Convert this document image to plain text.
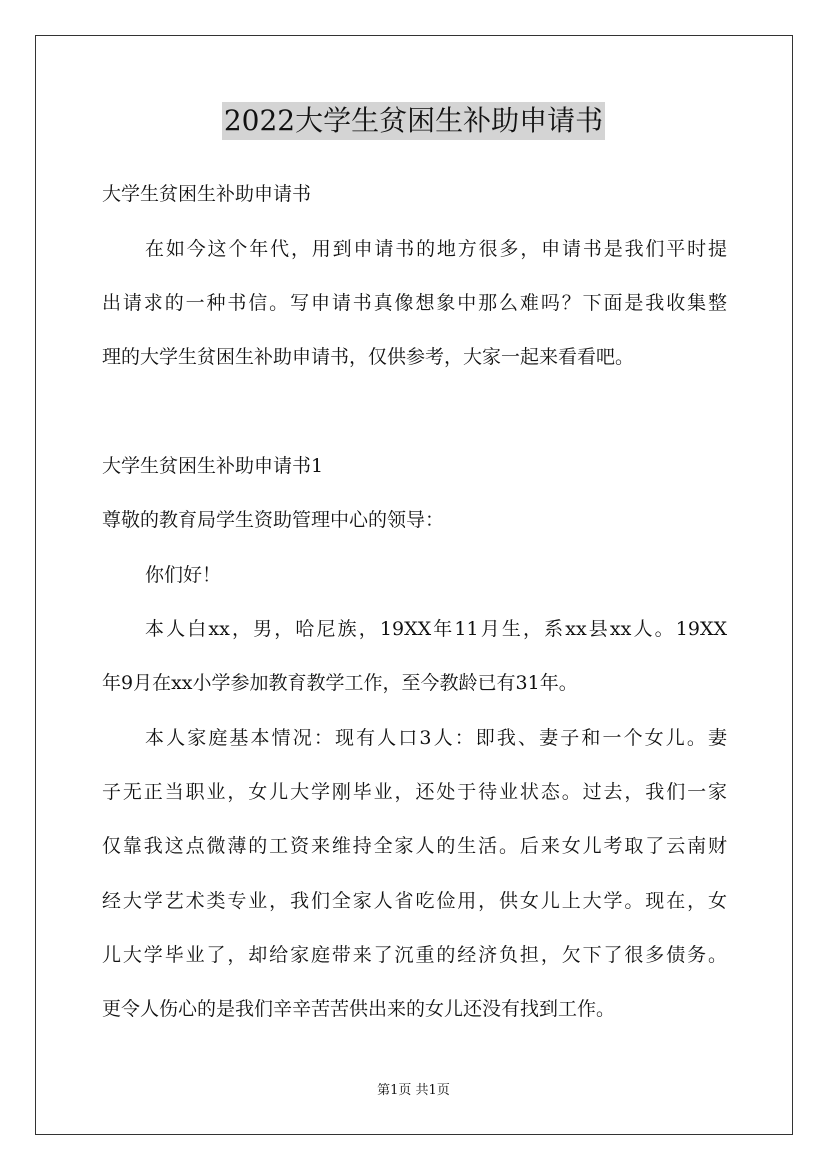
2022大学生贫困生补助申请书
大学生贫困生补助申请书
在如今这个年代，用到申请书的地方很多，申请书是我们平时提
出请求的一种书信。写申请书真像想象中那么难吗？下面是我收集整
理的大学生贫困生补助申请书，仅供参考，大家一起来看看吧。
大学生贫困生补助申请书1
尊敬的教育局学生资助管理中心的领导：
你们好！
本人白xx，男，哈尼族，19XX年11月生，系xx县xx人。19XX
年9月在xx小学参加教育教学工作，至今教龄已有31年。
本人家庭基本情况：现有人口3人：即我、妻子和一个女儿。妻
子无正当职业，女儿大学刚毕业，还处于待业状态。过去，我们一家
仅靠我这点微薄的工资来维持全家人的生活。后来女儿考取了云南财
经大学艺术类专业，我们全家人省吃俭用，供女儿上大学。现在，女
儿大学毕业了，却给家庭带来了沉重的经济负担，欠下了很多债务。
更令人伤心的是我们辛辛苦苦供出来的女儿还没有找到工作。
第1页 共1页
